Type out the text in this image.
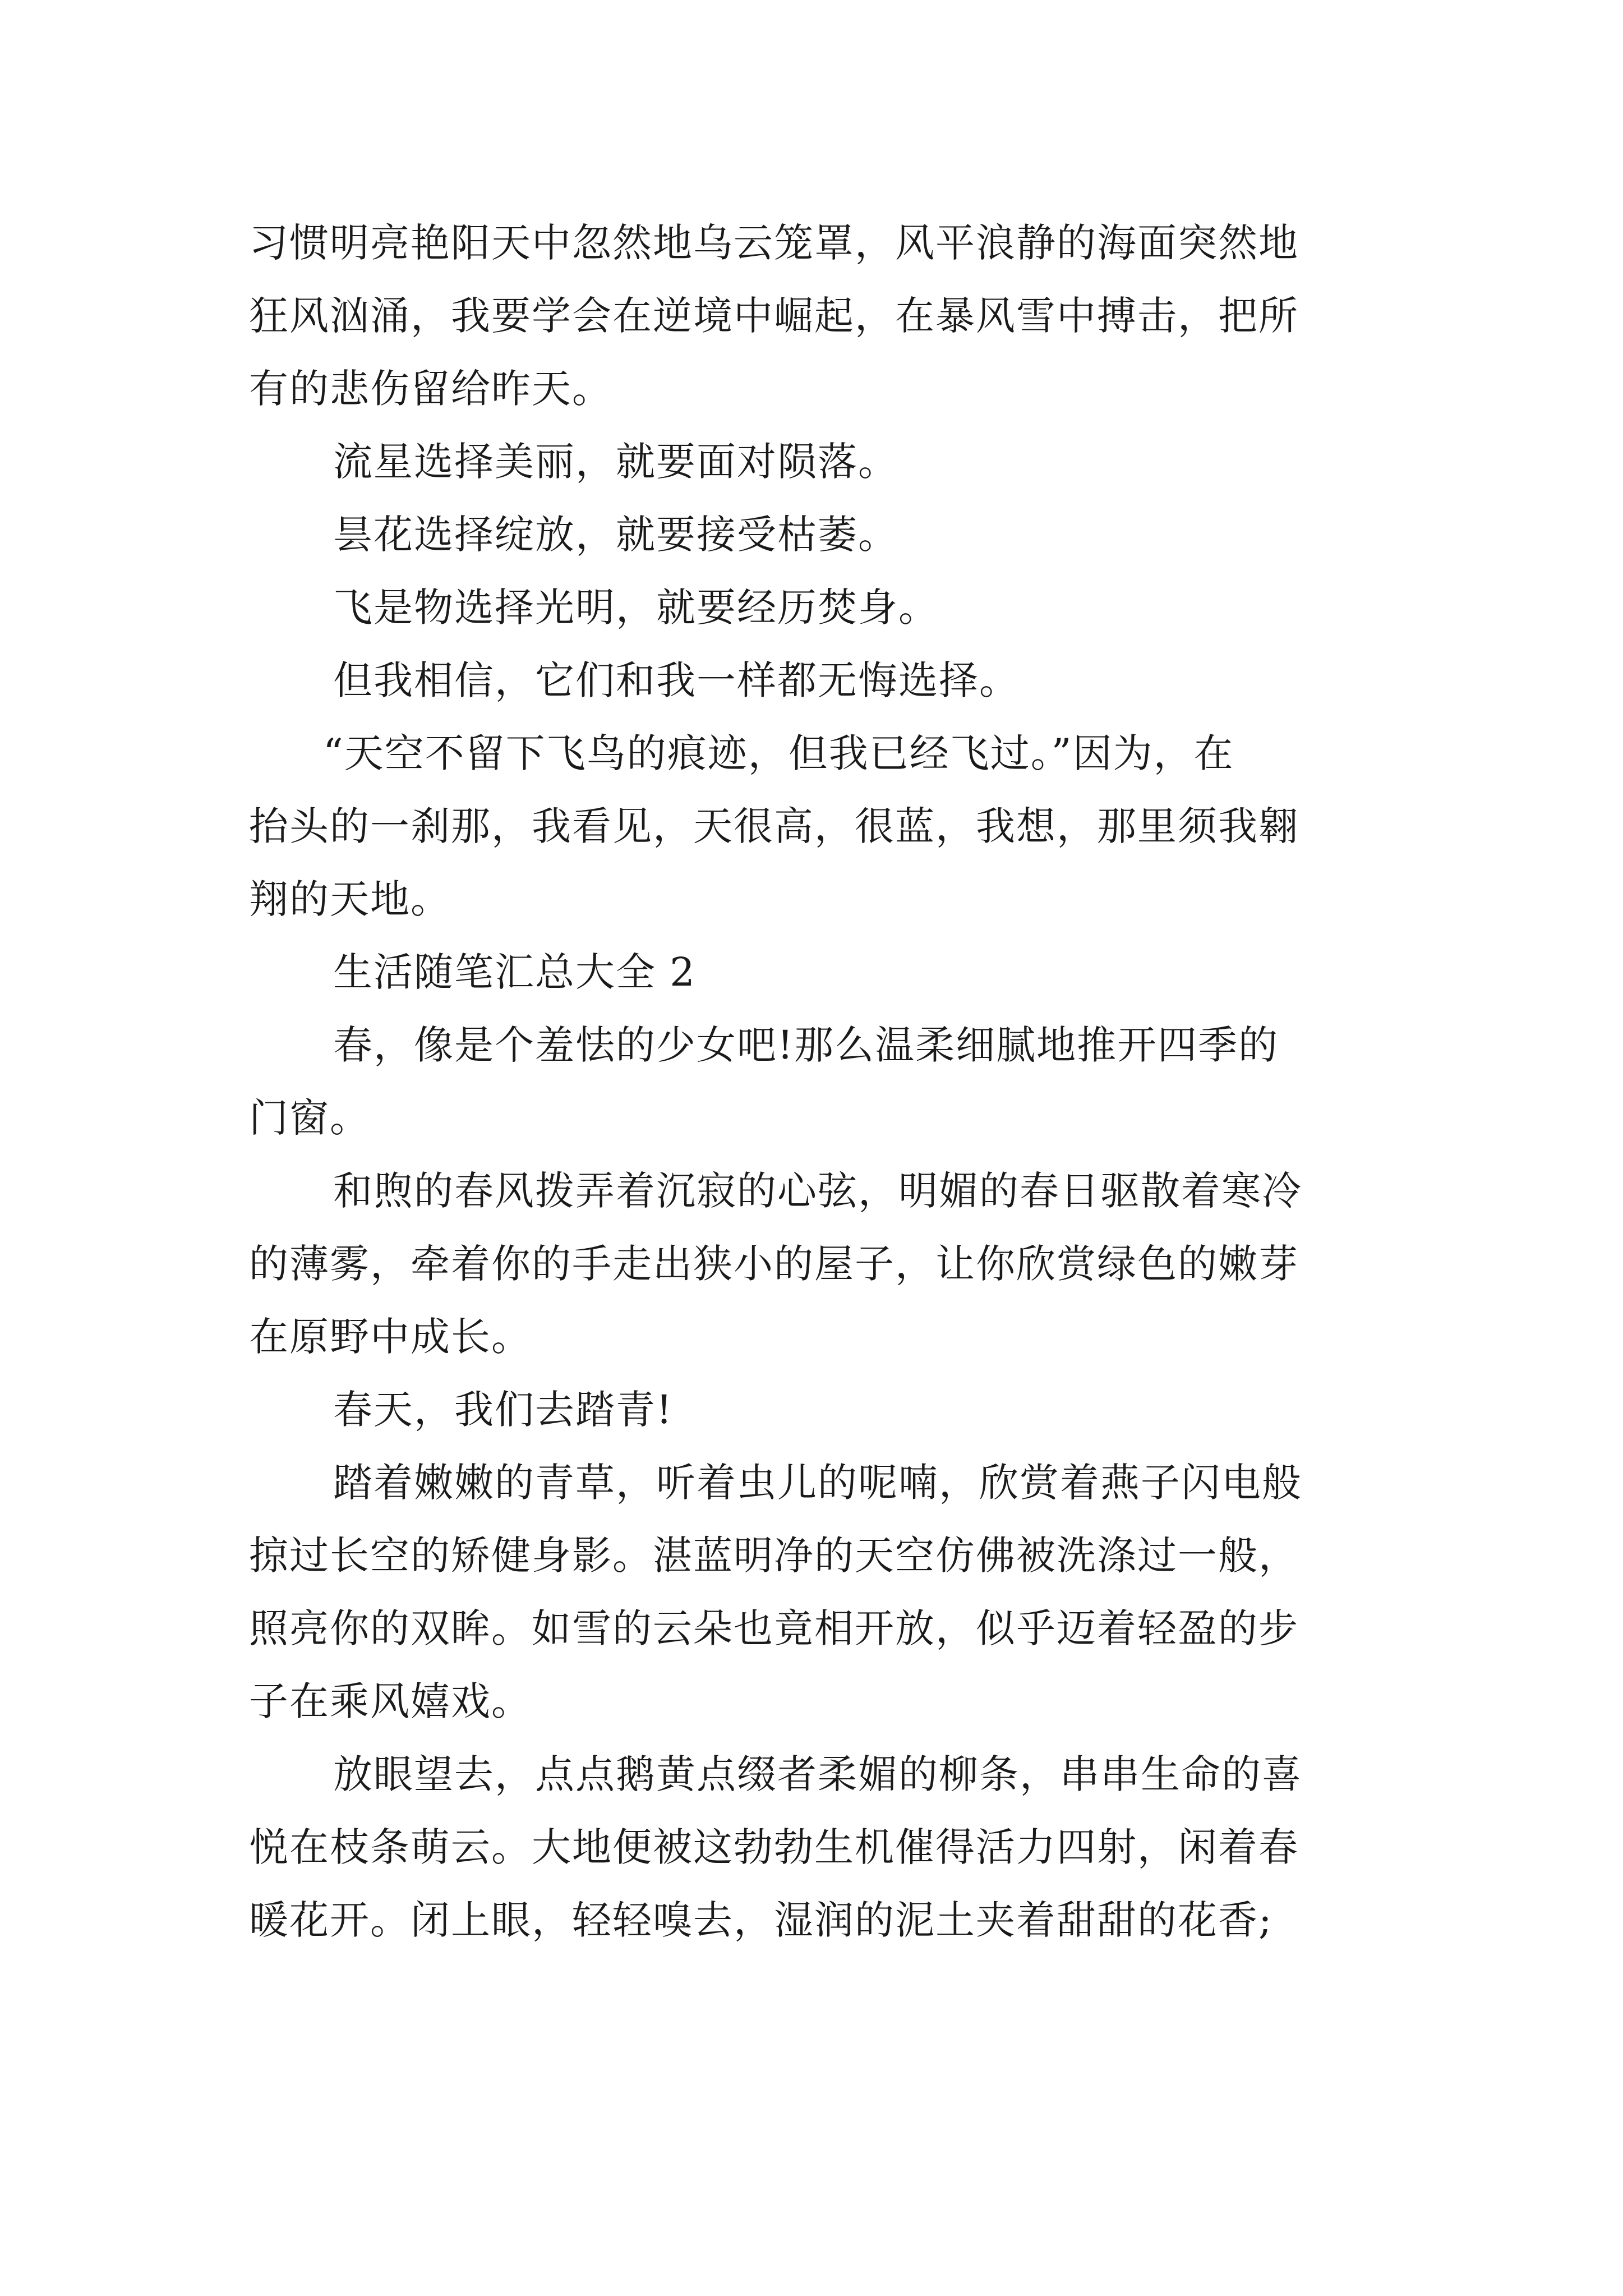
习惯明亮艳阳天中忽然地乌云笼罩，风平浪静的海面突然地
狂风汹涌，我要学会在逆境中崛起，在暴风雪中搏击，把所
有的悲伤留给昨天。
流星选择美丽，就要面对陨落。
昙花选择绽放，就要接受枯萎。
飞是物选择光明，就要经历焚身。
但我相信，它们和我一样都无悔选择。
“天空不留下飞鸟的痕迹，但我已经飞过。”因为，在
抬头的一刹那，我看见，天很高，很蓝，我想，那里须我翱
翔的天地。
生活随笔汇总大全 2
春，像是个羞怯的少女吧!那么温柔细腻地推开四季的
门窗。
和煦的春风拨弄着沉寂的心弦，明媚的春日驱散着寒冷
的薄雾，牵着你的手走出狭小的屋子，让你欣赏绿色的嫩芽
在原野中成长。
春天，我们去踏青!
踏着嫩嫩的青草，听着虫儿的呢喃，欣赏着燕子闪电般
掠过长空的矫健身影。湛蓝明净的天空仿佛被洗涤过一般，
照亮你的双眸。如雪的云朵也竟相开放，似乎迈着轻盈的步
子在乘风嬉戏。
放眼望去，点点鹅黄点缀者柔媚的柳条，串串生命的喜
悦在枝条萌云。大地便被这勃勃生机催得活力四射，闲着春
暖花开。闭上眼，轻轻嗅去，湿润的泥土夹着甜甜的花香;
